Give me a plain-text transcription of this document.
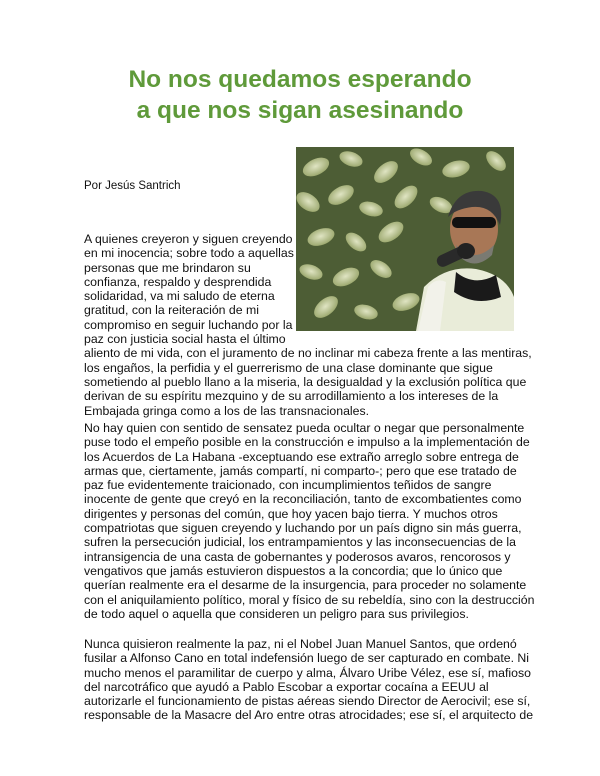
No nos quedamos esperando
a que nos sigan asesinando
Por Jesús Santrich
A quienes creyeron y siguen creyendo
en mi inocencia; sobre todo a aquellas
personas que me brindaron su
confianza, respaldo y desprendida
solidaridad, va mi saludo de eterna
gratitud, con la reiteración de mi
compromiso en seguir luchando por la
paz con justicia social hasta el último
aliento de mi vida, con el juramento de no inclinar mi cabeza frente a las mentiras,
los engaños, la perfidia y el guerrerismo de una clase dominante que sigue
sometiendo al pueblo llano a la miseria, la desigualdad y la exclusión política que
derivan de su espíritu mezquino y de su arrodillamiento a los intereses de la
Embajada gringa como a los de las transnacionales.
No hay quien con sentido de sensatez pueda ocultar o negar que personalmente
puse todo el empeño posible en la construcción e impulso a la implementación de
los Acuerdos de La Habana -exceptuando ese extraño arreglo sobre entrega de
armas que, ciertamente, jamás compartí, ni comparto-; pero que ese tratado de
paz fue evidentemente traicionado, con incumplimientos teñidos de sangre
inocente de gente que creyó en la reconciliación, tanto de excombatientes como
dirigentes y personas del común, que hoy yacen bajo tierra. Y muchos otros
compatriotas que siguen creyendo y luchando por un país digno sin más guerra,
sufren la persecución judicial, los entrampamientos y las inconsecuencias de la
intransigencia de una casta de gobernantes y poderosos avaros, rencorosos y
vengativos que jamás estuvieron dispuestos a la concordia; que lo único que
querían realmente era el desarme de la insurgencia, para proceder no solamente
con el aniquilamiento político, moral y físico de su rebeldía, sino con la destrucción
de todo aquel o aquella que consideren un peligro para sus privilegios.
Nunca quisieron realmente la paz, ni el Nobel Juan Manuel Santos, que ordenó
fusilar a Alfonso Cano en total indefensión luego de ser capturado en combate. Ni
mucho menos el paramilitar de cuerpo y alma, Álvaro Uribe Vélez, ese sí, mafioso
del narcotráfico que ayudó a Pablo Escobar a exportar cocaína a EEUU al
autorizarle el funcionamiento de pistas aéreas siendo Director de Aerocivil; ese sí,
responsable de la Masacre del Aro entre otras atrocidades; ese sí, el arquitecto de
